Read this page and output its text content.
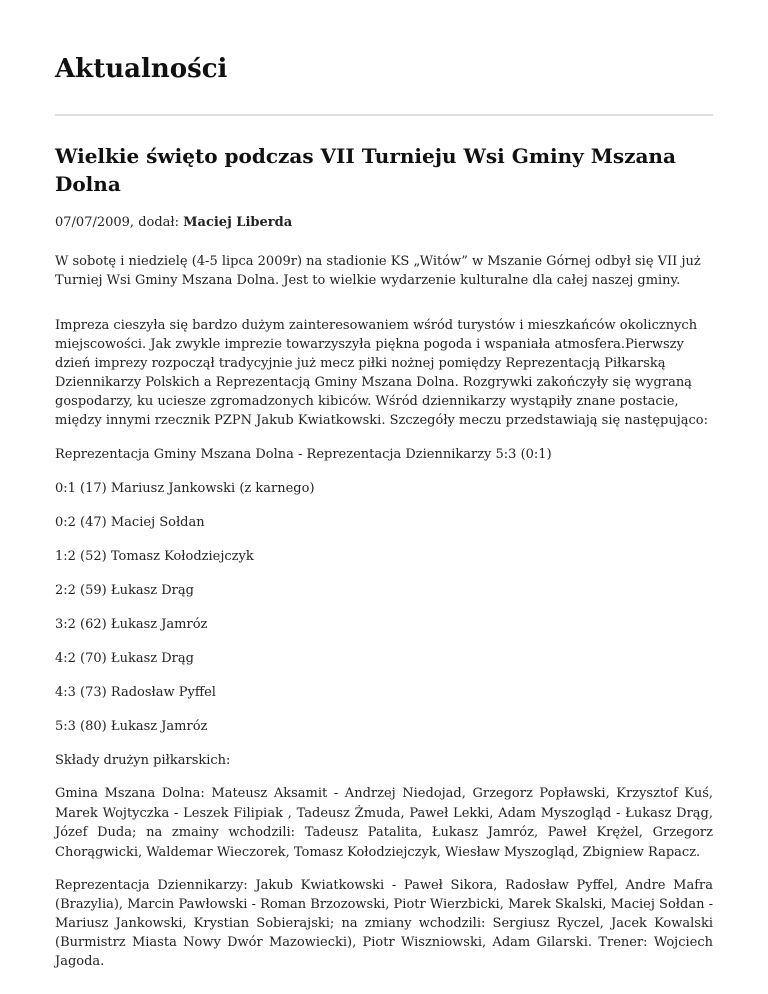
Aktualności
Wielkie święto podczas VII Turnieju Wsi Gminy Mszana Dolna
07/07/2009, dodał: Maciej Liberda

W sobotę i niedzielę (4-5 lipca 2009r) na stadionie KS „Witów” w Mszanie Górnej odbył się VII już Turniej Wsi Gminy Mszana Dolna. Jest to wielkie wydarzenie kulturalne dla całej naszej gminy.

Impreza cieszyła się bardzo dużym zainteresowaniem wśród turystów i mieszkańców okolicznych miejscowości. Jak zwykle imprezie towarzyszyła piękna pogoda i wspaniała atmosfera.Pierwszy dzień imprezy rozpoczął tradycyjnie już mecz piłki nożnej pomiędzy Reprezentacją Piłkarską Dziennikarzy Polskich a Reprezentacją Gminy Mszana Dolna. Rozgrywki zakończyły się wygraną gospodarzy, ku uciesze zgromadzonych kibiców. Wśród dziennikarzy wystąpiły znane postacie, między innymi rzecznik PZPN Jakub Kwiatkowski. Szczegóły meczu przedstawiają się następująco:

Reprezentacja Gminy Mszana Dolna - Reprezentacja Dziennikarzy 5:3 (0:1)

0:1 (17) Mariusz Jankowski (z karnego)

0:2 (47) Maciej Sołdan

1:2 (52) Tomasz Kołodziejczyk

2:2 (59) Łukasz Drąg

3:2 (62) Łukasz Jamróz

4:2 (70) Łukasz Drąg

4:3 (73) Radosław Pyffel

5:3 (80) Łukasz Jamróz

Składy drużyn piłkarskich:

Gmina Mszana Dolna: Mateusz Aksamit - Andrzej Niedojad, Grzegorz Popławski, Krzysztof Kuś, Marek Wojtyczka - Leszek Filipiak , Tadeusz Żmuda, Paweł Lekki, Adam Myszogląd - Łukasz Drąg, Józef Duda; na zmainy wchodzili: Tadeusz Patalita, Łukasz Jamróz, Paweł Krężel, Grzegorz Chorągwicki, Waldemar Wieczorek, Tomasz Kołodziejczyk, Wiesław Myszogląd, Zbigniew Rapacz.

Reprezentacja Dziennikarzy: Jakub Kwiatkowski - Paweł Sikora, Radosław Pyffel, Andre Mafra (Brazylia), Marcin Pawłowski - Roman Brzozowski, Piotr Wierzbicki, Marek Skalski, Maciej Sołdan - Mariusz Jankowski, Krystian Sobierajski; na zmiany wchodzili: Sergiusz Ryczel, Jacek Kowalski (Burmistrz Miasta Nowy Dwór Mazowiecki), Piotr Wiszniowski, Adam Gilarski. Trener: Wojciech Jagoda.
